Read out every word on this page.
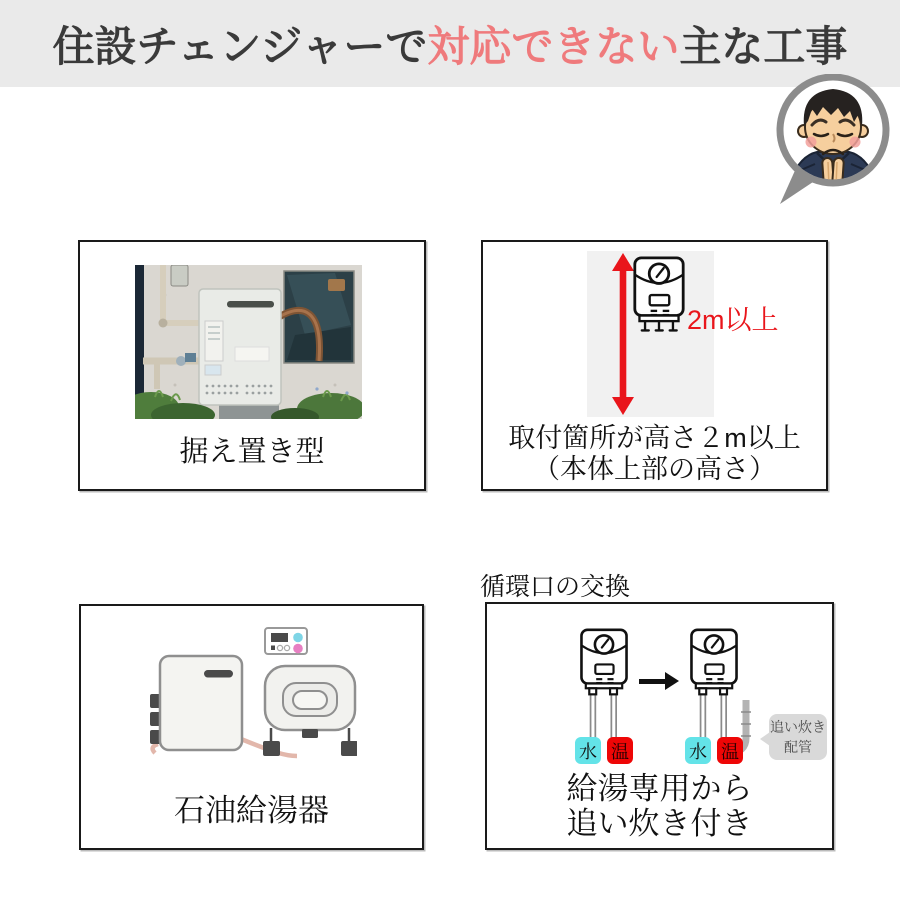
住設チェンジャーで対応できない主な工事
据え置き型
2m以上
取付箇所が高さ２m以上
（本体上部の高さ）
石油給湯器
循環口の交換
水 温	水 温
追い炊き
配管
給湯専用から
追い炊き付き
